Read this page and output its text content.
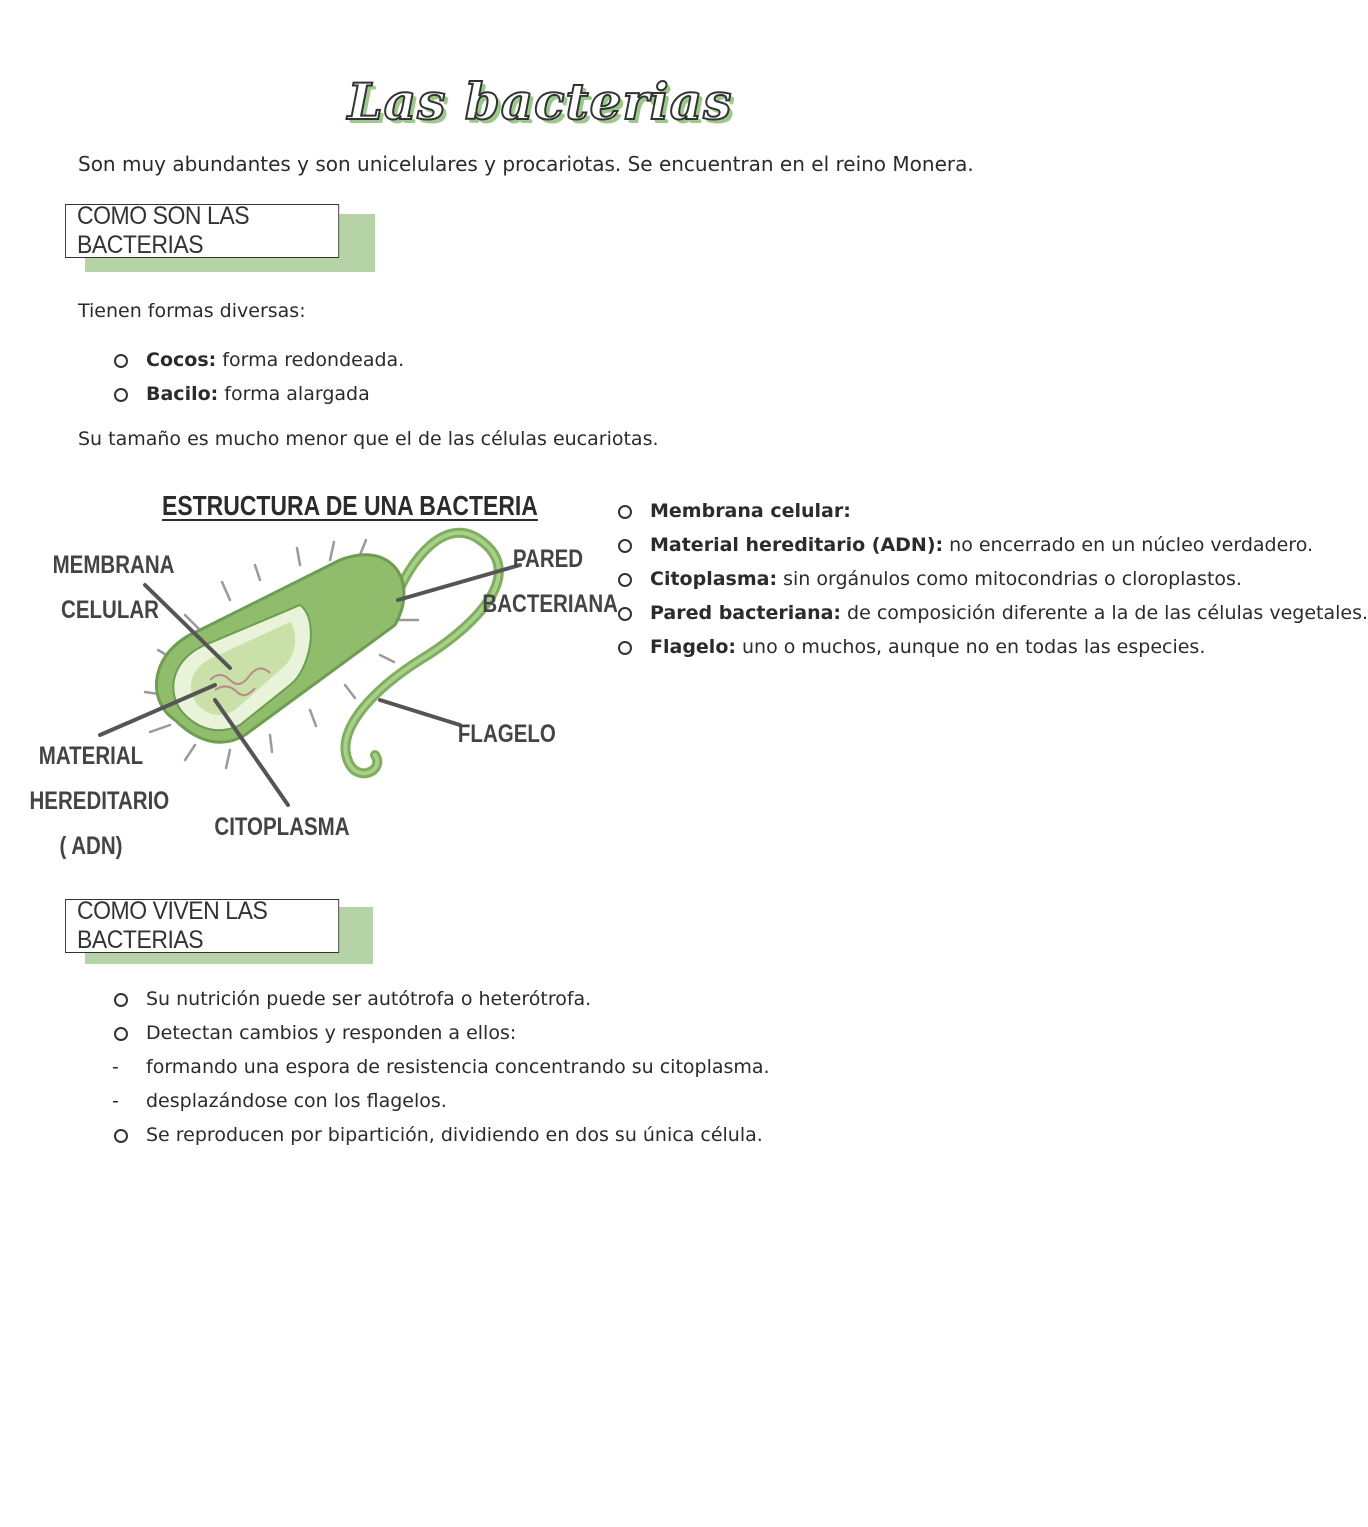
Las bacterias
Son muy abundantes y son unicelulares y procariotas. Se encuentran en el reino Monera.
COMO SON LAS BACTERIAS
Tienen formas diversas:
Cocos: forma redondeada.
Bacilo: forma alargada
Su tamaño es mucho menor que el de las células eucariotas.
ESTRUCTURA DE UNA BACTERIA
MEMBRANA
CELULAR
PARED
BACTERIANA
FLAGELO
MATERIAL
HEREDITARIO
( ADN)
CITOPLASMA
Membrana celular:
Material hereditario (ADN): no encerrado en un núcleo verdadero.
Citoplasma: sin orgánulos como mitocondrias o cloroplastos.
Pared bacteriana: de composición diferente a la de las células vegetales.
Flagelo: uno o muchos, aunque no en todas las especies.
COMO VIVEN LAS BACTERIAS
Su nutrición puede ser autótrofa o heterótrofa.
Detectan cambios y responden a ellos:
- formando una espora de resistencia concentrando su citoplasma.
- desplazándose con los flagelos.
Se reproducen por bipartición, dividiendo en dos su única célula.
